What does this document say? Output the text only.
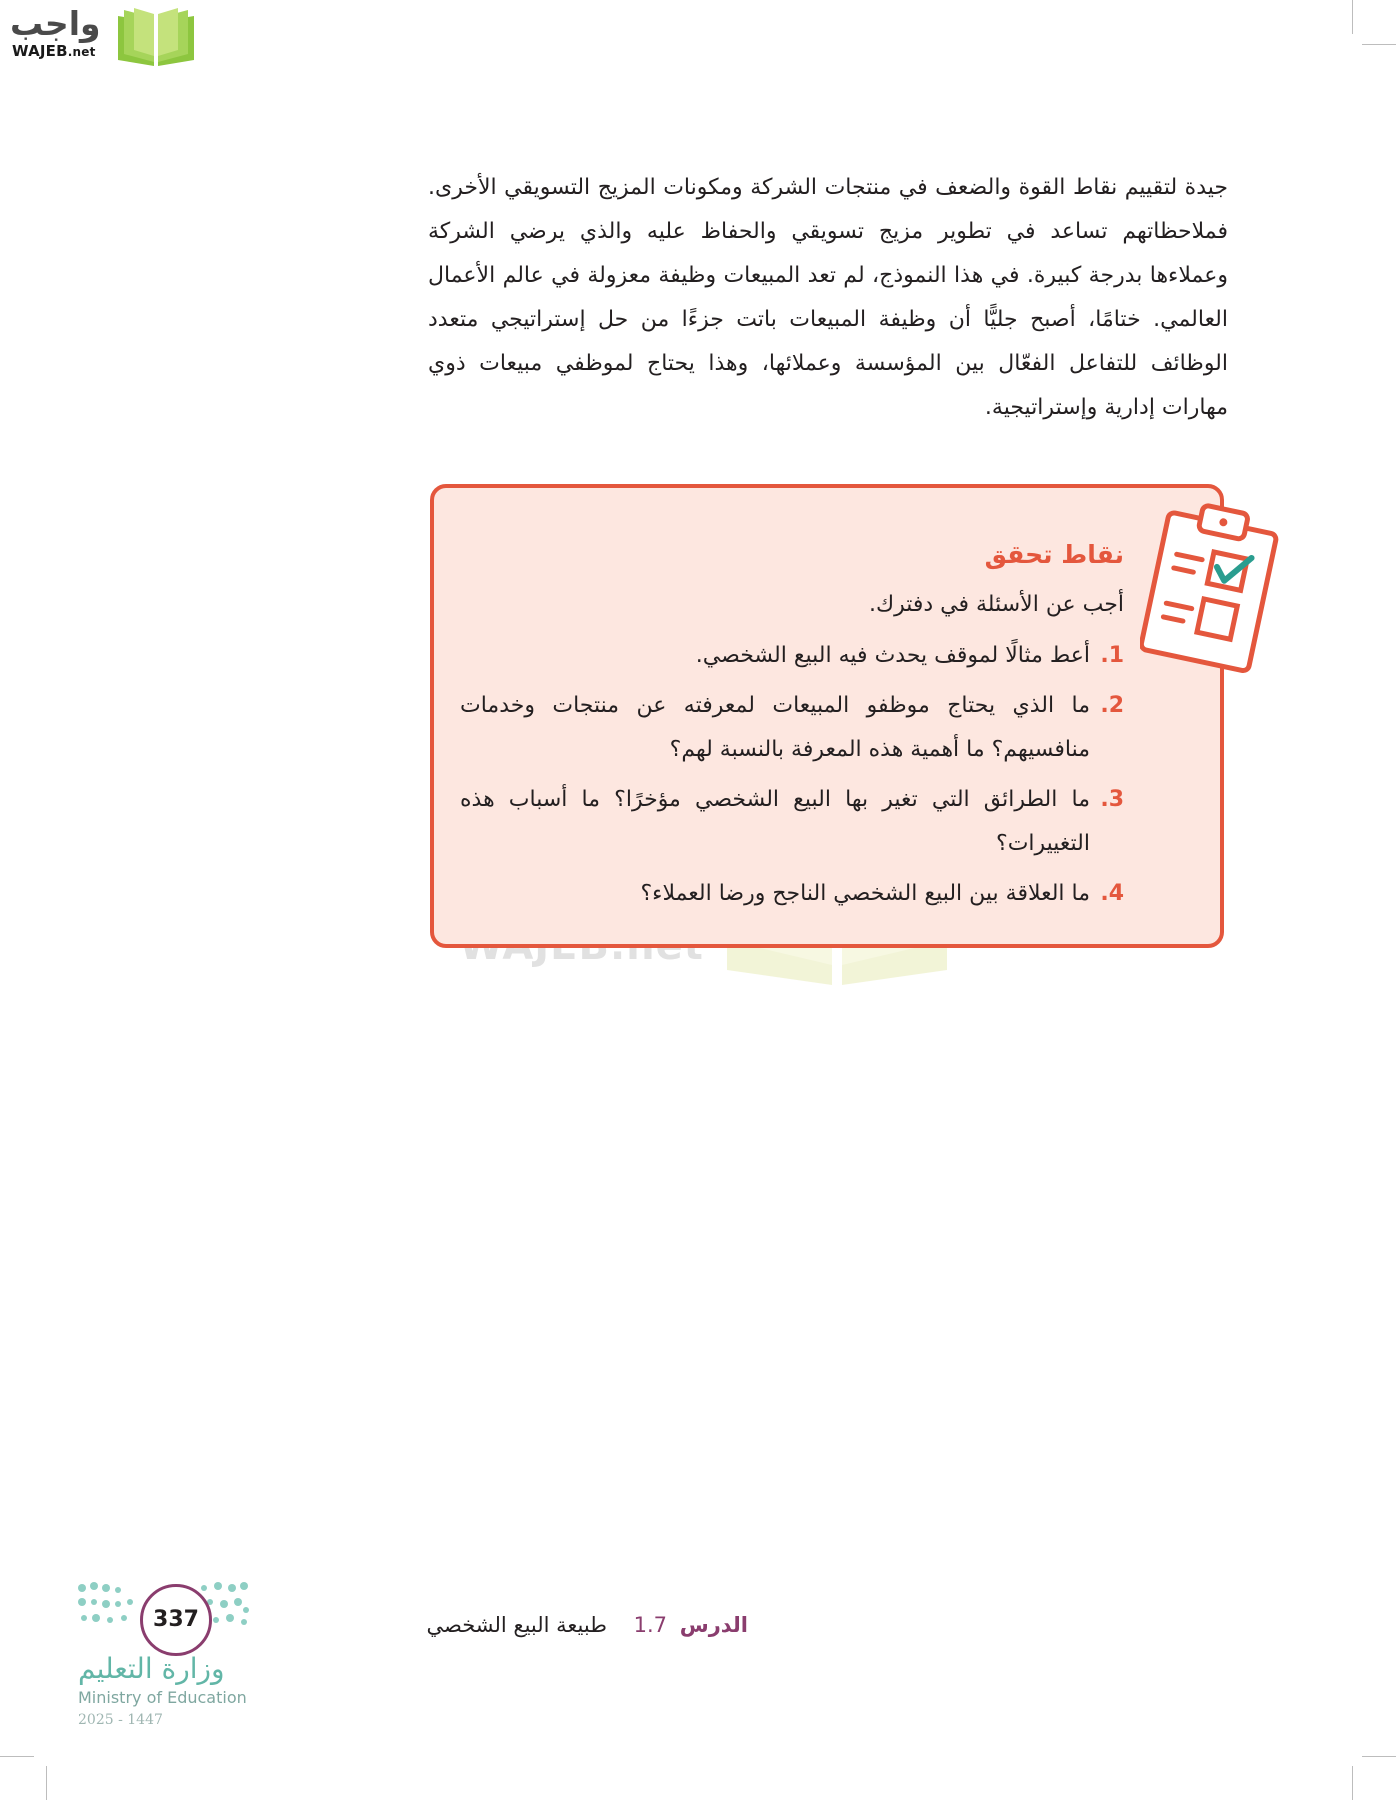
واجب
WAJEB.net

جيدة لتقييم نقاط القوة والضعف في منتجات الشركة ومكونات المزيج التسويقي الأخرى. فملاحظاتهم تساعد في تطوير مزيج تسويقي والحفاظ عليه والذي يرضي الشركة وعملاءها بدرجة كبيرة. في هذا النموذج، لم تعد المبيعات وظيفة معزولة في عالم الأعمال العالمي. ختامًا، أصبح جليًّا أن وظيفة المبيعات باتت جزءًا من حل إستراتيجي متعدد الوظائف للتفاعل الفعّال بين المؤسسة وعملائها، وهذا يحتاج لموظفي مبيعات ذوي مهارات إدارية وإستراتيجية.

نقاط تحقق
أجب عن الأسئلة في دفترك.
1.
أعط مثالًا لموقف يحدث فيه البيع الشخصي.
2.
ما الذي يحتاج موظفو المبيعات لمعرفته عن منتجات وخدمات منافسيهم؟ ما أهمية هذه المعرفة بالنسبة لهم؟
3.
ما الطرائق التي تغير بها البيع الشخصي مؤخرًا؟ ما أسباب هذه التغييرات؟
4.
ما العلاقة بين البيع الشخصي الناجح ورضا العملاء؟
الدرس 1.7 طبيعة البيع الشخصي
337
وزارة التعليم
Ministry of Education
2025 - 1447
